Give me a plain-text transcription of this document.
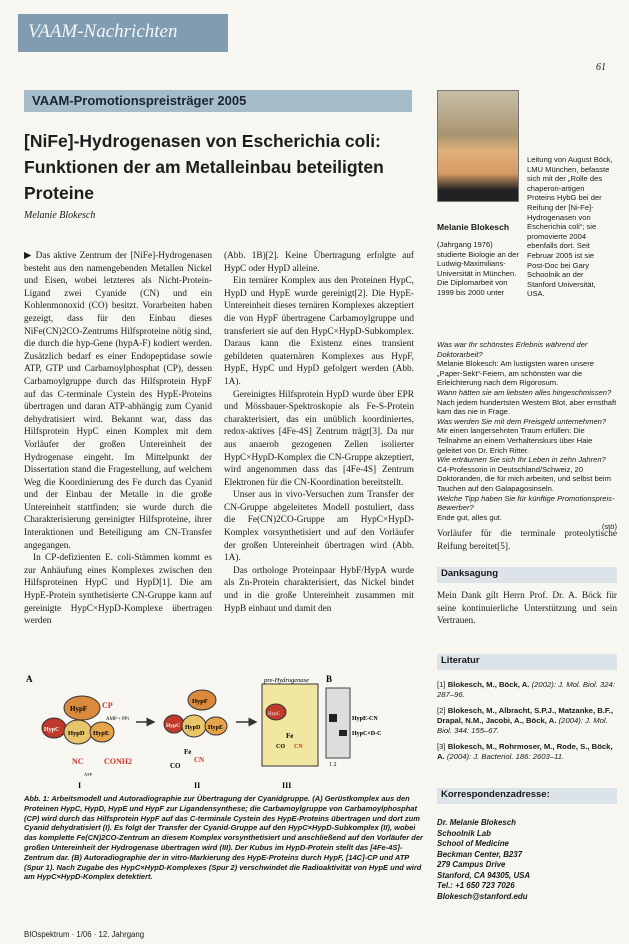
VAAM-Nachrichten
61
VAAM-Promotionspreisträger 2005
[NiFe]-Hydrogenasen von Escherichia coli: Funktionen der am Metalleinbau beteiligten Proteine
Melanie Blokesch

▶ Das aktive Zentrum der [NiFe]-Hydrogenasen besteht aus den namengebenden Metallen Nickel und Eisen, wobei letzteres als Nicht-Protein-Ligand zwei Cyanide (CN) und ein Kohlenmonoxid (CO) besitzt. Vorarbeiten haben gezeigt, dass für den Einbau dieses NiFe(CN)2CO-Zentrums Hilfsproteine nötig sind, die durch die hyp-Gene (hypA-F) kodiert werden. Zusätzlich bedarf es einer Endopeptidase sowie ATP, GTP und Carbamoylphosphat (CP), dessen Carbamoylgruppe durch das Hilfsprotein HypF auf das C-terminale Cystein des HypE-Proteins übertragen und daran ATP-abhängig zum Cyanid dehydratisiert wird. Bekannt war, dass das Hilfsprotein HypC einen Komplex mit dem Vorläufer der großen Untereinheit der Hydrogenase eingeht. Im Mittelpunkt der Dissertation stand die Fragestellung, auf welchem Weg die Koordinierung des Fe durch das Cyanid und der Einbau der Metalle in die große Untereinheit stattfinden; sie wurde durch die Charakterisierung gereinigter Hilfsproteine, ihrer Interaktionen und Beteiligung am CN-Transfer angegangen.

In CP-defizienten E. coli-Stämmen kommt es zur Anhäufung eines Komplexes zwischen den Hilfsproteinen HypC und HypD[1]. Die am HypE-Protein synthetisierte CN-Gruppe kann auf gereinigte HypC×HypD-Komplexe übertragen werden

(Abb. 1B)[2]. Keine Übertragung erfolgte auf HypC oder HypD alleine.

Ein ternärer Komplex aus den Proteinen HypC, HypD und HypE wurde gereinigt[2]. Die HypE-Untereinheit dieses ternären Komplexes akzeptiert die von HypF übertragene Carbamoylgruppe und transferiert sie auf den HypC×HypD-Subkomplex. Daraus kann die Existenz eines transient gebildeten quaternären Komplexes aus HypF, HypE, HypC und HypD gefolgert werden (Abb. 1A).

Gereinigtes Hilfsprotein HypD wurde über EPR und Mössbauer-Spektroskopie als Fe-S-Protein charakterisiert, das ein unüblich koordiniertes, redox-aktives [4Fe-4S] Zentrum trägt[3]. Da nur aus anaerob gezogenen Zellen isolierter HypC×HypD-Komplex die CN-Gruppe akzeptiert, wird angenommen dass das [4Fe-4S] Zentrum Elektronen für die CN-Koordination bereitstellt.

Unser aus in vivo-Versuchen zum Transfer der CN-Gruppe abgeleitetes Modell postuliert, dass die Fe(CN)2CO-Gruppe am HypC×HypD-Komplex vorsynthetisiert und auf den Vorläufer der großen Untereinheit übertragen wird (Abb. 1A).

Das orthologe Proteinpaar HybF/HypA wurde als Zn-Protein charakterisiert, das Nickel bindet und in die große Untereinheit zusammen mit HypB einbaut und damit den

Melanie Blokesch
Leitung von August Böck, LMU München, befasste sich mit der „Rolle des chaperon-artigen Proteins HybG bei der Reifung der [Ni-Fe]-Hydrogenasen von Escherichia coli“; sie promovierte 2004 ebenfalls dort. Seit Februar 2005 ist sie Post-Doc bei Gary Schoolnik an der Stanford Universität, USA.
(Jahrgang 1976) studierte Biologie an der Ludwig-Maximilians-Universität in München. Die Diplomarbeit von 1999 bis 2000 unter
Was war Ihr schönstes Erlebnis während der Doktorarbeit?
Melanie Blokesch: Am lustigsten waren unsere „Paper-Sekt“-Feiern, am schönsten war die Erleichterung nach dem Rigorosum.
Wann hätten sie am liebsten alles hingeschmissen?
Nach jedem hundertsten Western Blot, aber ernsthaft kam das nie in Frage.
Was werden Sie mit dem Preisgeld unternehmen?
Mir einen langersehnten Traum erfüllen: Die Teilnahme an einem Verhaltenskurs über Haie geleitet von Dr. Erich Ritter.
Wie erträumen Sie sich Ihr Leben in zehn Jahren?
C4-Professorin in Deutschland/Schweiz, 20 Doktoranden, die für mich arbeiten, und selbst beim Tauchen auf den Galapagosinseln.
Welche Tipp haben Sie für künftige Promotionspreis-Bewerber?
Ende gut, alles gut.
(stö)
Vorläufer für die terminale proteolytische Reifung bereitet[5].
Danksagung
Mein Dank gilt Herrn Prof. Dr. A. Böck für seine kontinuierliche Unterstützung und sein Vertrauen.
Literatur
[1] Blokesch, M., Böck, A. (2002): J. Mol. Biol. 324: 287–96.
[2] Blokesch, M., Albracht, S.P.J., Matzanke, B.F., Drapal, N.M., Jacobi, A., Böck, A. (2004): J. Mol. Biol. 344: 155–67.
[3] Blokesch, M., Rohrmoser, M., Rode, S., Böck, A. (2004): J. Bacteriol. 186: 2603–11.
Korrespondenzadresse:
Dr. Melanie Blokesch
Schoolnik Lab
School of Medicine
Beckman Center, B237
279 Campus Drive
Stanford, CA 94305, USA
Tel.: +1 650 723 7026
Blokesch@stanford.edu
A
HypF
HypC HypD HypE
CP
AMP + PPi
NC	CONH2
ATP
I
HypF
HypC HypD HypE
Fe
CN
CO
II
pre-Hydrogenase
HypC
Fe
CO CN
III
B
HypE-CN
HypC×D-C
1 2
Abb. 1: Arbeitsmodell und Autoradiographie zur Übertragung der Cyanidgruppe. (A) Gerüstkomplex aus den Proteinen HypC, HypD, HypE und HypF zur Ligandensynthese; die Carbamoylgruppe von Carbamoylphosphat (CP) wird durch das Hilfsprotein HypF auf das C-terminale Cystein des HypE-Proteins übertragen und dort zum Cyanid dehydratisiert (I). Es folgt der Transfer der Cyanid-Gruppe auf den HypC×HypD-Subkomplex (II), wobei das komplette Fe(CN)2CO-Zentrum an diesem Komplex vorsynthetisiert und anschließend auf den Vorläufer der großen Untereinheit der Hydrogenase übertragen wird (III). Der Kubus im HypD-Protein stellt das [4Fe-4S]-Zentrum dar. (B) Autoradiographie der in vitro-Markierung des HypE-Proteins durch HypF, [14C]-CP und ATP (Spur 1). Nach Zugabe des HypC×HypD-Komplexes (Spur 2) verschwindet die Radioaktivität von HypE und wird am HypC×HypD-Komplex detektiert.
BIOspektrum · 1/06 · 12. Jahrgang
